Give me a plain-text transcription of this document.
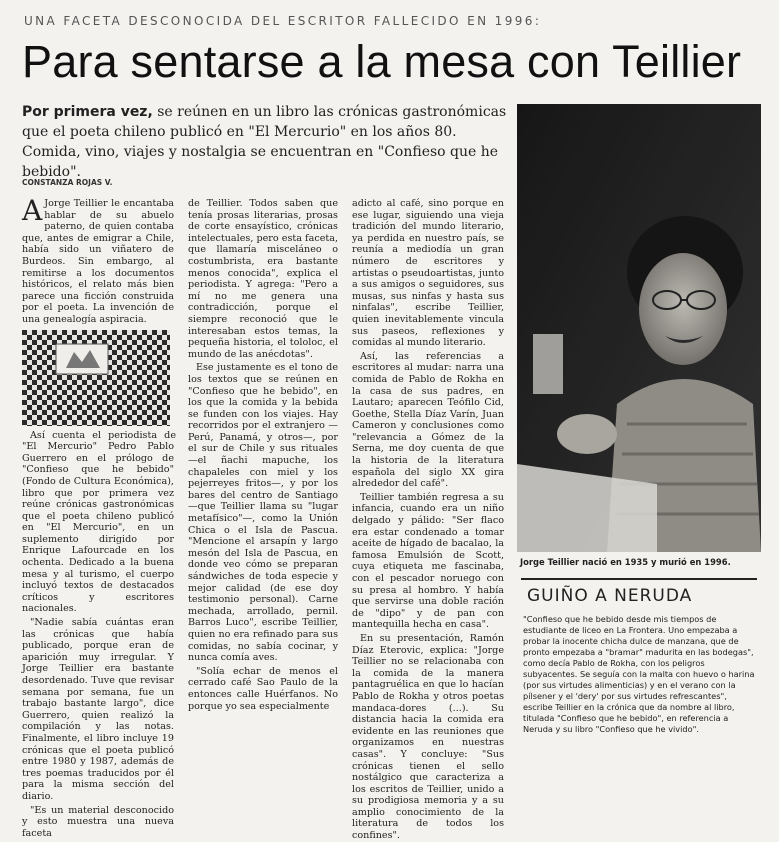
UNA FACETA DESCONOCIDA DEL ESCRITOR FALLECIDO EN 1996:
Para sentarse a la mesa con Teillier
Por primera vez, se reúnen en un libro las crónicas gastronómicas que el poeta chileno publicó en "El Mercurio" en los años 80. Comida, vino, viajes y nostalgia se encuentran en "Confieso que he bebido".
CONSTANZA ROJAS V.

A Jorge Teillier le encantaba hablar de su abuelo paterno, de quien contaba que, antes de emigrar a Chile, había sido un viñatero de Burdeos. Sin embargo, al remitirse a los documentos históricos, el relato más bien parece una ficción construida por el poeta. La invención de una genealogía aspiracia.

Así cuenta el periodista de "El Mercurio" Pedro Pablo Guerrero en el prólogo de "Confieso que he bebido" (Fondo de Cultura Económica), libro que por primera vez reúne crónicas gastronómicas que el poeta chileno publicó en "El Mercurio", en un suplemento dirigido por Enrique Lafourcade en los ochenta. Dedicado a la buena mesa y al turismo, el cuerpo incluyó textos de destacados críticos y escritores nacionales.

"Nadie sabía cuántas eran las crónicas que había publicado, porque eran de aparición muy irregular. Y Jorge Teillier era bastante desordenado. Tuve que revisar semana por semana, fue un trabajo bastante largo", dice Guerrero, quien realizó la compilación y las notas. Finalmente, el libro incluye 19 crónicas que el poeta publicó entre 1980 y 1987, además de tres poemas traducidos por él para la misma sección del diario.

"Es un material desconocido y esto muestra una nueva faceta

de Teillier. Todos saben que tenía prosas literarias, prosas de corte ensayístico, crónicas intelectuales, pero esta faceta, que llamaría misceláneo o costumbrista, era bastante menos conocida", explica el periodista. Y agrega: "Pero a mí no me genera una contradicción, porque el siempre reconoció que le interesaban estos temas, la pequeña historia, el tololoc, el mundo de las anécdotas".

Ese justamente es el tono de los textos que se reúnen en "Confieso que he bebido", en los que la comida y la bebida se funden con los viajes. Hay recorridos por el extranjero —Perú, Panamá, y otros—, por el sur de Chile y sus rituales —el ñachi mapuche, los chapaleles con miel y los pejerreyes fritos—, y por los bares del centro de Santiago —que Teillier llama su "lugar metafísico"—, como la Unión Chica o el Isla de Pascua. "Mencione el arsapín y largo mesón del Isla de Pascua, en donde veo cómo se preparan sándwiches de toda especie y mejor calidad (de ese doy testimonio personal). Carne mechada, arrollado, pernil. Barros Luco", escribe Teillier, quien no era refinado para sus comidas, no sabía cocinar, y nunca comía aves.

"Solía echar de menos el cerrado café Sao Paulo de la entonces calle Huérfanos. No porque yo sea especialmente

adicto al café, sino porque en ese lugar, siguiendo una vieja tradición del mundo literario, ya perdida en nuestro país, se reunía a mediodía un gran número de escritores y artistas o pseudoartistas, junto a sus amigos o seguidores, sus musas, sus ninfas y hasta sus ninfalas", escribe Teillier, quien inevitablemente vincula sus paseos, reflexiones y comidas al mundo literario.

Así, las referencias a escritores al mudar: narra una comida de Pablo de Rokha en la casa de sus padres, en Lautaro; aparecen Teófilo Cid, Goethe, Stella Díaz Varín, Juan Cameron y conclusiones como "relevancia a Gómez de la Serna, me doy cuenta de que la historia de la literatura española del siglo XX gira alrededor del café".

Teillier también regresa a su infancia, cuando era un niño delgado y pálido: "Ser flaco era estar condenado a tomar aceite de hígado de bacalao, la famosa Emulsión de Scott, cuya etiqueta me fascinaba, con el pescador noruego con su presa al hombro. Y había que servirse una doble ración de "dipo" y de pan con mantequilla hecha en casa".

En su presentación, Ramón Díaz Eterovic, explica: "Jorge Teillier no se relacionaba con la comida de la manera pantagruélica en que lo hacían Pablo de Rokha y otros poetas mandaca-dores (...). Su distancia hacia la comida era evidente en las reuniones que organizamos en nuestras casas". Y concluye: "Sus crónicas tienen el sello nostálgico que caracteriza a los escritos de Teillier, unido a su prodigiosa memoria y a su amplio conocimiento de la literatura de todos los confines".

Jorge Teillier nació en 1935 y murió en 1996.
GUIÑO A NERUDA
"Confieso que he bebido desde mis tiempos de estudiante de liceo en La Frontera. Uno empezaba a probar la inocente chicha dulce de manzana, que de pronto empezaba a "bramar" madurita en las bodegas", como decía Pablo de Rokha, con los peligros subyacentes. Se seguía con la malta con huevo o harina (por sus virtudes alimenticias) y en el verano con la pílsener y el 'dery' por sus virtudes refrescantes", escribe Teillier en la crónica que da nombre al libro, titulada "Confieso que he bebido", en referencia a Neruda y su libro "Confieso que he vivido".
